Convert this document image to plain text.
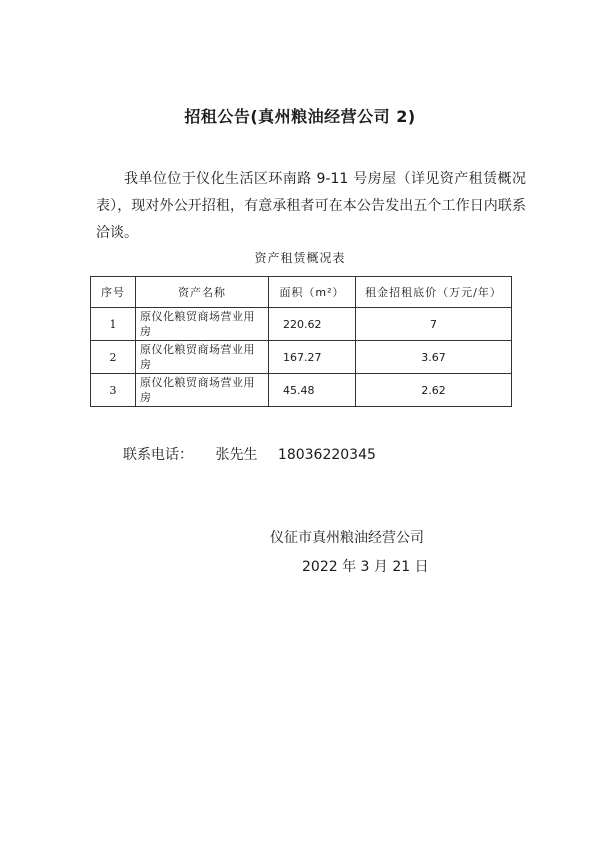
招租公告(真州粮油经营公司 2)

我单位位于仪化生活区环南路 9-11 号房屋（详见资产租赁概况表），现对外公开招租，有意承租者可在本公告发出五个工作日内联系洽谈。

资产租赁概况表
序号	资产名称	面积（m²）	租金招租底价（万元/年）
1	原仪化粮贸商场营业用房	220.62	7
2	原仪化粮贸商场营业用房	167.27	3.67
3	原仪化粮贸商场营业用房	45.48	2.62
联系电话： 张先生 18036220345
仪征市真州粮油经营公司
2022 年 3 月 21 日
